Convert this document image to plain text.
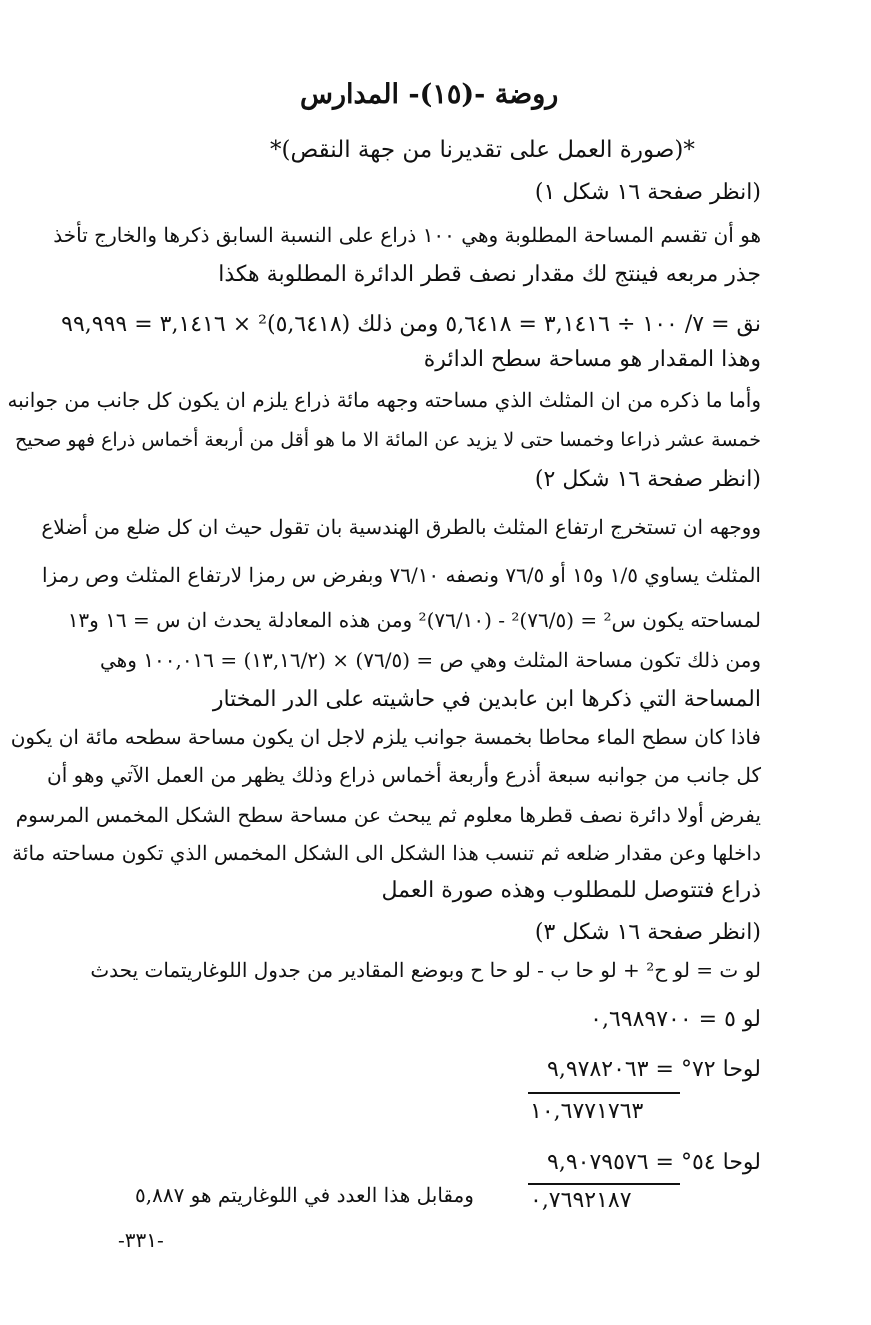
روضة -(١٥)- المدارس
*(صورة العمل على تقديرنا من جهة النقص)*
(انظر صفحة ١٦ شكل ١)
هو أن تقسم المساحة المطلوبة وهي ١٠٠ ذراع على النسبة السابق ذكرها والخارج تأخذ
جذر مربعه فينتج لك مقدار نصف قطر الدائرة المطلوبة هكذا
نق = ٧/ ١٠٠ ÷ ٣,١٤١٦ = ٥,٦٤١٨ ومن ذلك (٥,٦٤١٨)² × ٣,١٤١٦ = ٩٩,٩٩٩
وهذا المقدار هو مساحة سطح الدائرة
وأما ما ذكره من ان المثلث الذي مساحته وجهه مائة ذراع يلزم ان يكون كل جانب من جوانبه
خمسة عشر ذراعا وخمسا حتى لا يزيد عن المائة الا ما هو أقل من أربعة أخماس ذراع فهو صحيح
(انظر صفحة ١٦ شكل ٢)
ووجهه ان تستخرج ارتفاع المثلث بالطرق الهندسية بان تقول حيث ان كل ضلع من أضلاع
المثلث يساوي ١/٥ و١٥ أو ٧٦/٥ ونصفه ٧٦/١٠ وبفرض س رمزا لارتفاع المثلث وص رمزا
لمساحته يكون س² = (٧٦/٥)² - (٧٦/١٠)² ومن هذه المعادلة يحدث ان س = ١٦ و١٣
ومن ذلك تكون مساحة المثلث وهي ص = (٧٦/٥) × (١٣,١٦/٢) = ١٠٠,٠١٦ وهي
المساحة التي ذكرها ابن عابدين في حاشيته على الدر المختار
فاذا كان سطح الماء محاطا بخمسة جوانب يلزم لاجل ان يكون مساحة سطحه مائة ان يكون
كل جانب من جوانبه سبعة أذرع وأربعة أخماس ذراع وذلك يظهر من العمل الآتي وهو أن
يفرض أولا دائرة نصف قطرها معلوم ثم يبحث عن مساحة سطح الشكل المخمس المرسوم
داخلها وعن مقدار ضلعه ثم تنسب هذا الشكل الى الشكل المخمس الذي تكون مساحته مائة
ذراع فتتوصل للمطلوب وهذه صورة العمل
(انظر صفحة ١٦ شكل ٣)
لو ت = لو ح² + لو حا ب - لو حا ح وبوضع المقادير من جدول اللوغاريتمات يحدث
لو ٥ = ٠,٦٩٨٩٧٠٠
لوحا ٧٢° = ٩,٩٧٨٢٠٦٣
١٠,٦٧٧١٧٦٣
لوحا ٥٤° = ٩,٩٠٧٩٥٧٦
٠,٧٦٩٢١٨٧
ومقابل هذا العدد في اللوغاريتم هو ٥,٨٨٧
-٣٣١-
